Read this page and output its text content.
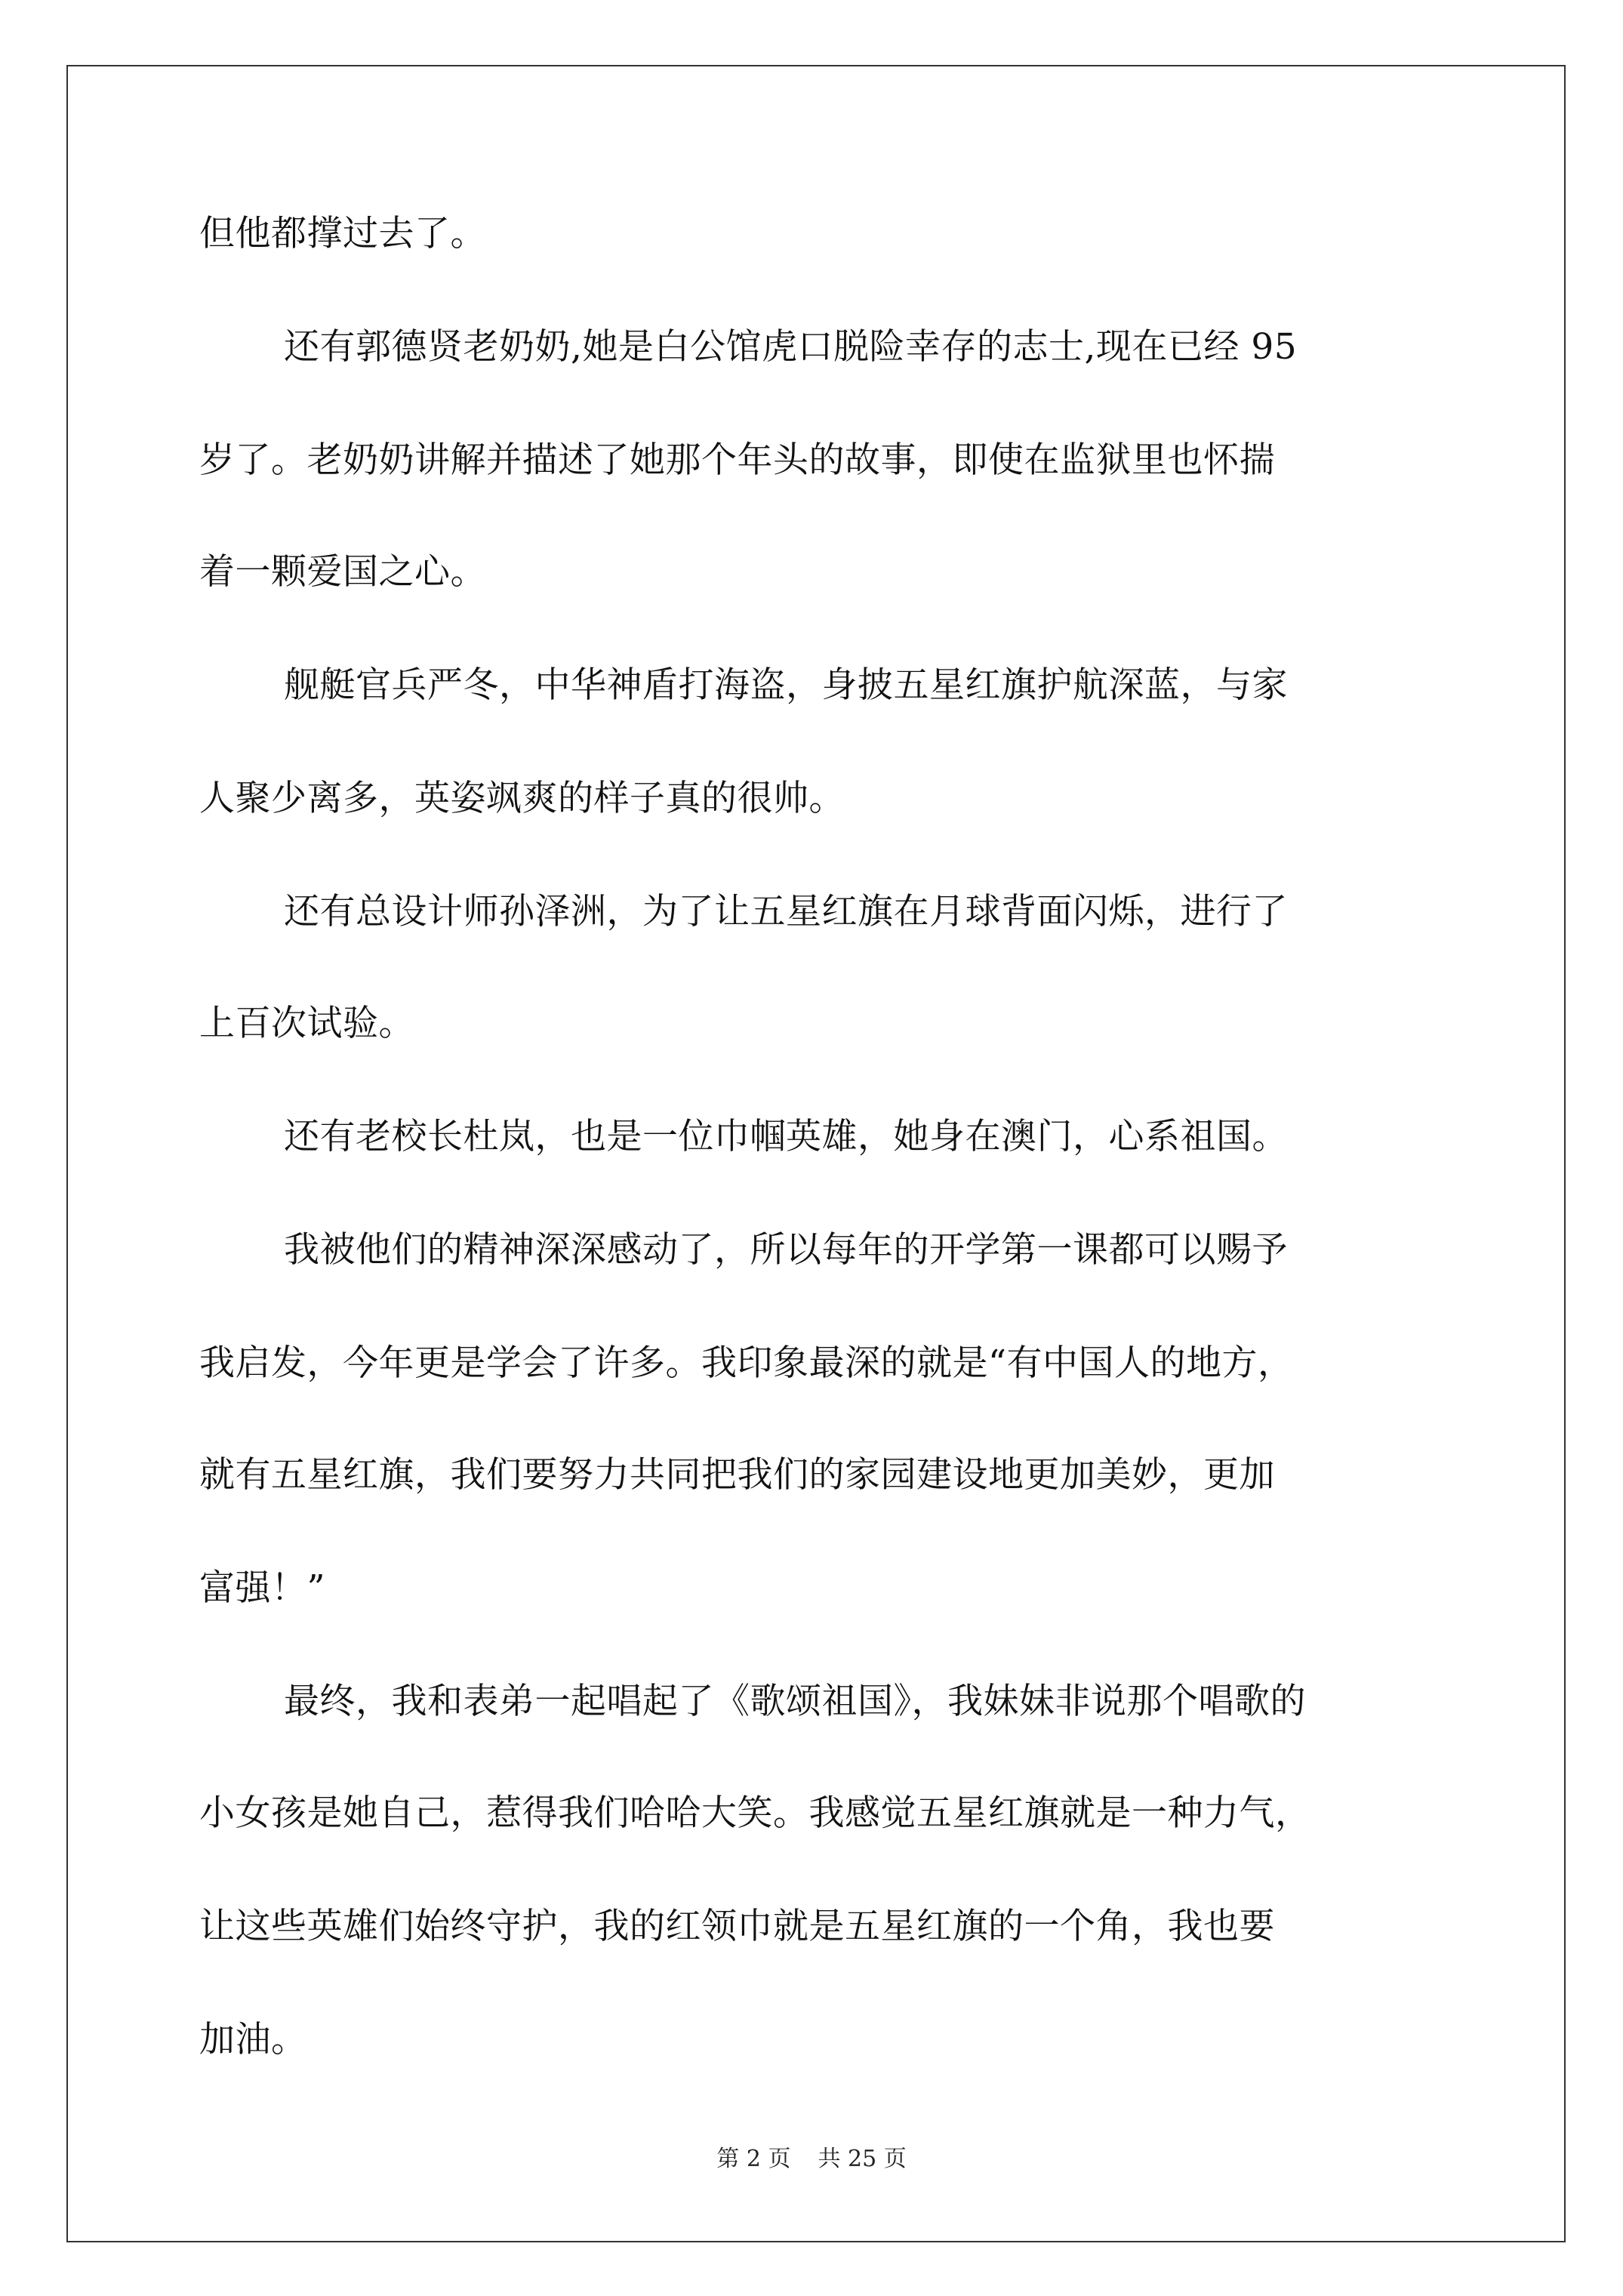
但他都撑过去了。
还有郭德贤老奶奶,她是白公馆虎口脱险幸存的志士,现在已经 95
岁了。老奶奶讲解并描述了她那个年头的故事，即使在监狱里也怀揣
着一颗爱国之心。
舰艇官兵严冬，中华神盾打海盗，身披五星红旗护航深蓝，与家
人聚少离多，英姿飒爽的样子真的很帅。
还有总设计师孙泽洲，为了让五星红旗在月球背面闪烁，进行了
上百次试验。
还有老校长杜岚，也是一位巾帼英雄，她身在澳门，心系祖国。
我被他们的精神深深感动了，所以每年的开学第一课都可以赐予
我启发，今年更是学会了许多。我印象最深的就是“有中国人的地方，
就有五星红旗，我们要努力共同把我们的家园建设地更加美妙，更加
富强！”
最终，我和表弟一起唱起了《歌颂祖国》，我妹妹非说那个唱歌的
小女孩是她自己，惹得我们哈哈大笑。我感觉五星红旗就是一种力气，
让这些英雄们始终守护，我的红领巾就是五星红旗的一个角，我也要
加油。
第 2 页 共 25 页
